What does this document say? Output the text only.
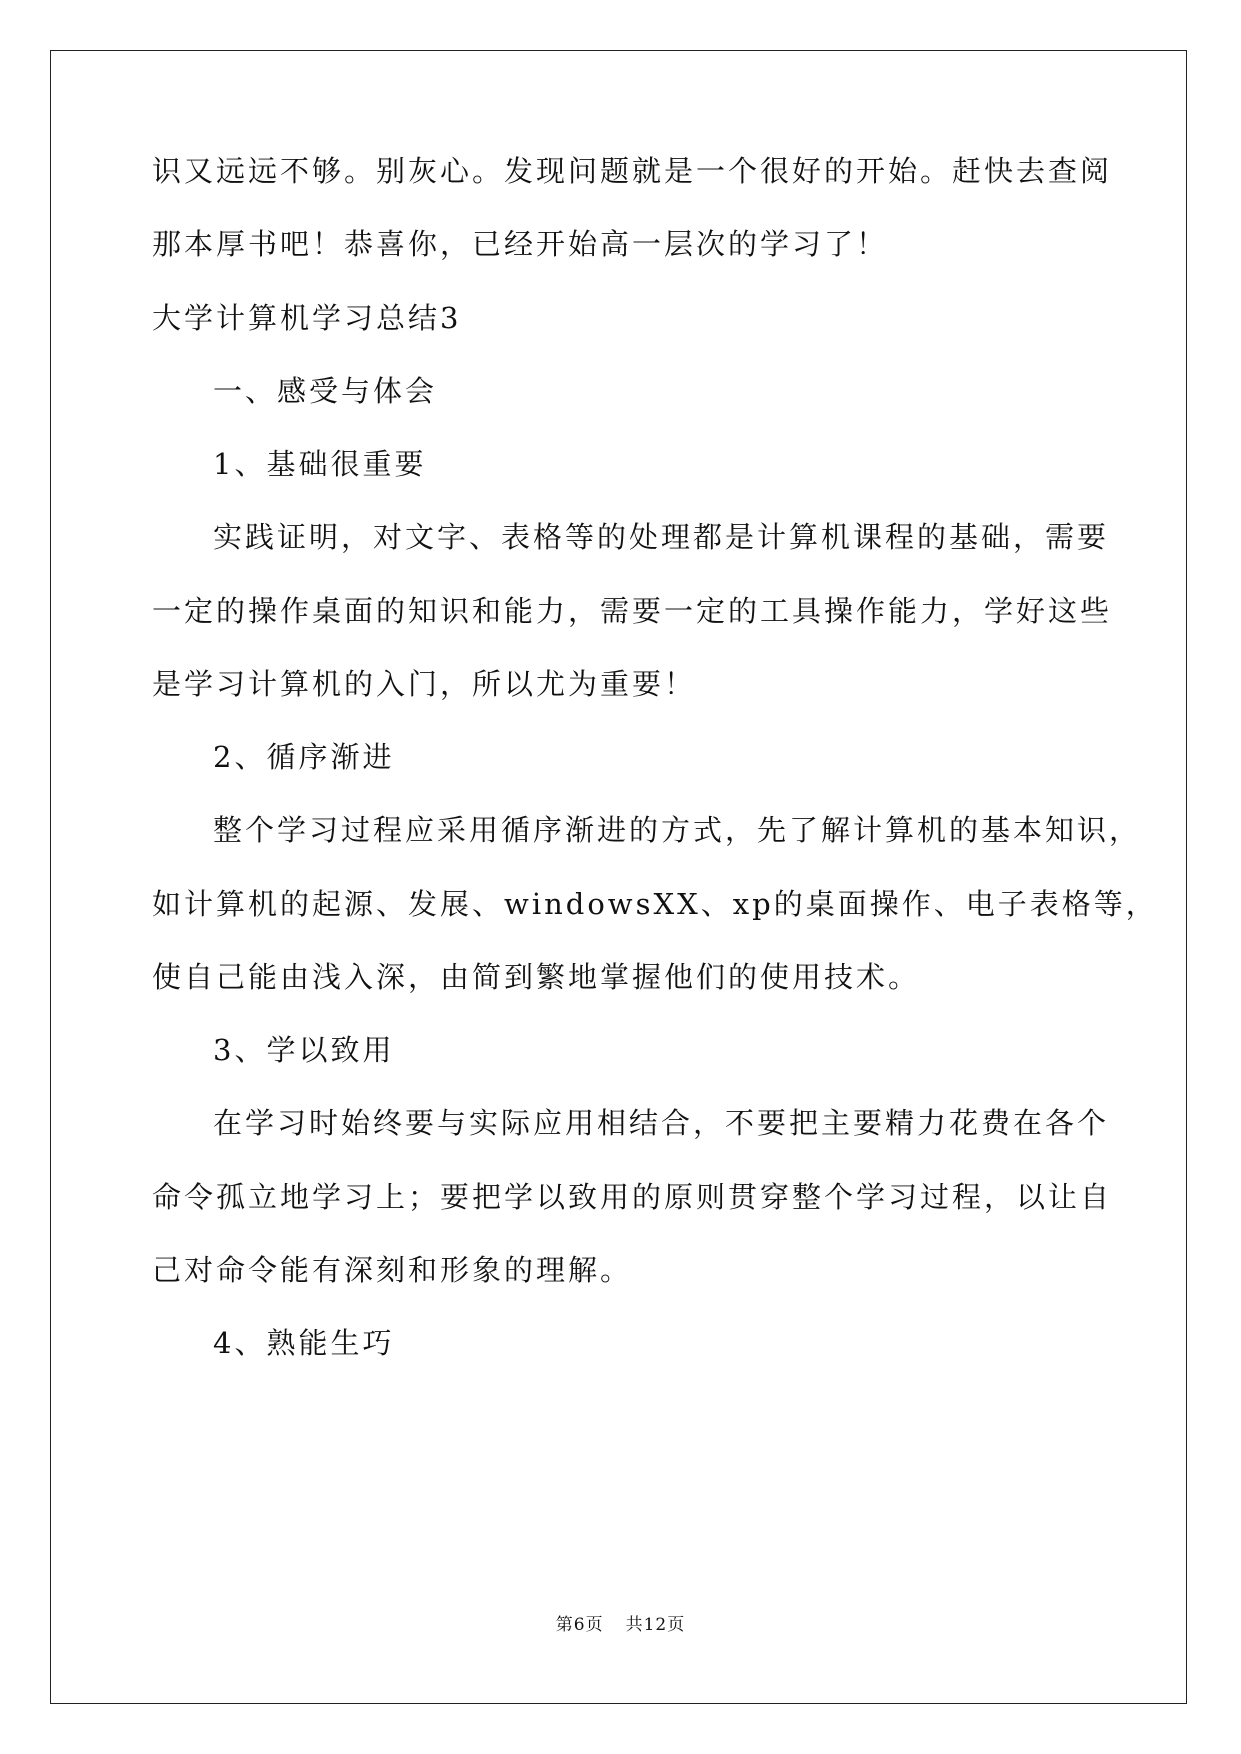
识又远远不够。别灰心。发现问题就是一个很好的开始。赶快去查阅
那本厚书吧！恭喜你，已经开始高一层次的学习了！
大学计算机学习总结3
一、感受与体会
1、基础很重要
实践证明，对文字、表格等的处理都是计算机课程的基础，需要
一定的操作桌面的知识和能力，需要一定的工具操作能力，学好这些
是学习计算机的入门，所以尤为重要！
2、循序渐进
整个学习过程应采用循序渐进的方式，先了解计算机的基本知识，
如计算机的起源、发展、windowsXX、xp的桌面操作、电子表格等，
使自己能由浅入深，由简到繁地掌握他们的使用技术。
3、学以致用
在学习时始终要与实际应用相结合，不要把主要精力花费在各个
命令孤立地学习上；要把学以致用的原则贯穿整个学习过程，以让自
己对命令能有深刻和形象的理解。
4、熟能生巧
第6页 共12页
